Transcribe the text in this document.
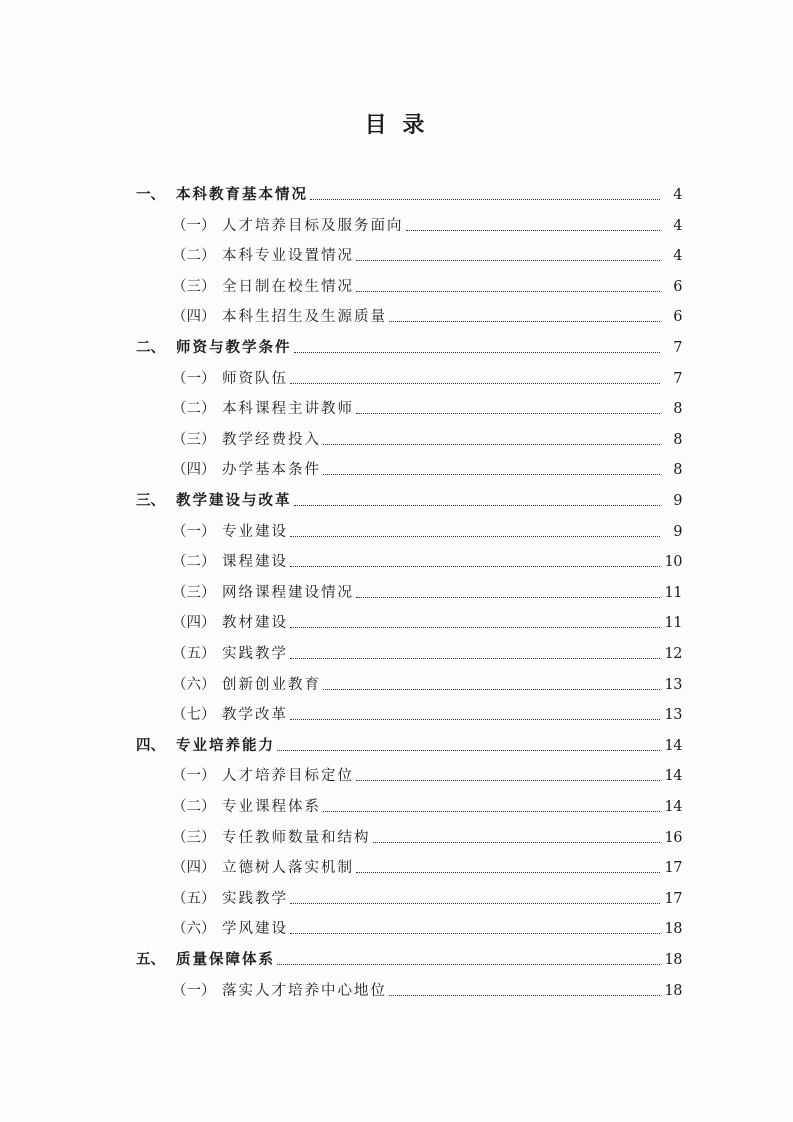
目 录
一、 本科教育基本情况	4
（一） 人才培养目标及服务面向	4
（二） 本科专业设置情况	4
（三） 全日制在校生情况	6
（四） 本科生招生及生源质量	6
二、 师资与教学条件	7
（一） 师资队伍	7
（二） 本科课程主讲教师	8
（三） 教学经费投入	8
（四） 办学基本条件	8
三、 教学建设与改革	9
（一） 专业建设	9
（二） 课程建设	10
（三） 网络课程建设情况	11
（四） 教材建设	11
（五） 实践教学	12
（六） 创新创业教育	13
（七） 教学改革	13
四、 专业培养能力	14
（一） 人才培养目标定位	14
（二） 专业课程体系	14
（三） 专任教师数量和结构	16
（四） 立德树人落实机制	17
（五） 实践教学	17
（六） 学风建设	18
五、 质量保障体系	18
（一） 落实人才培养中心地位	18
